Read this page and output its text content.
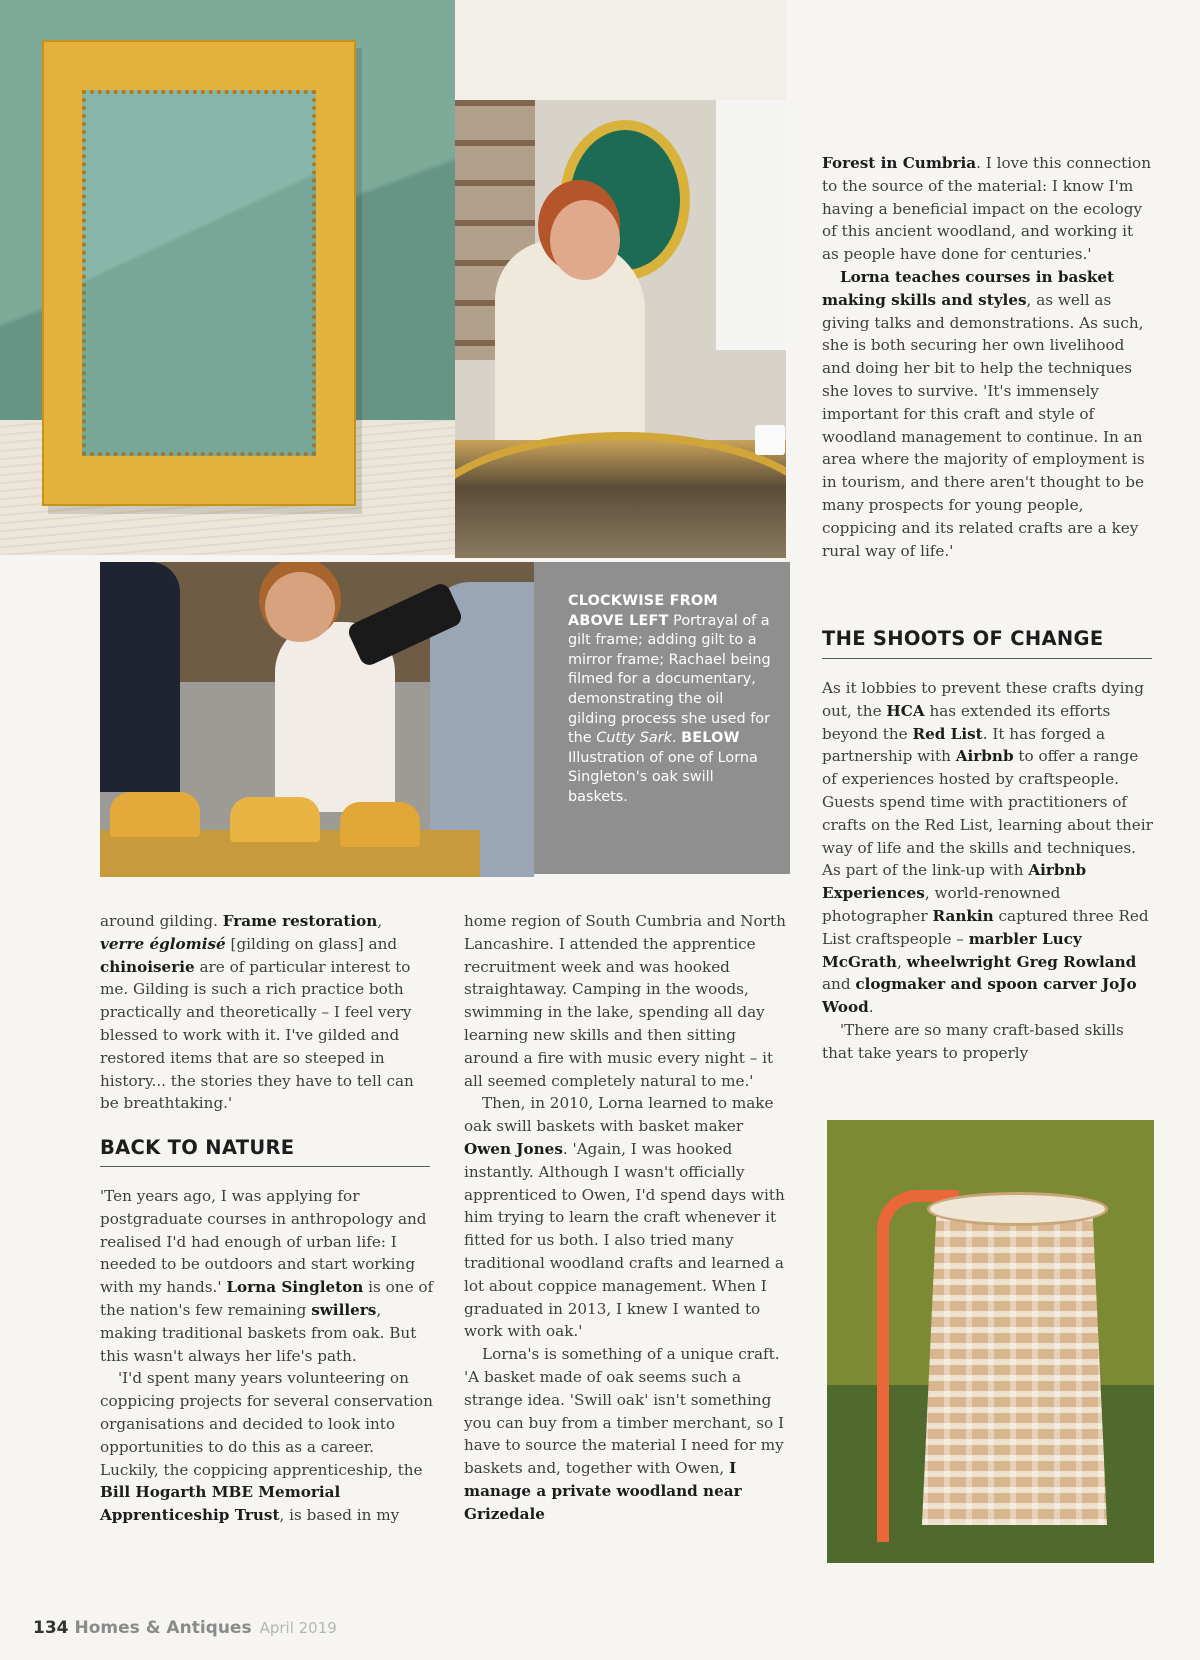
CLOCKWISE FROM ABOVE LEFT Portrayal of a gilt frame; adding gilt to a mirror frame; Rachael being filmed for a documentary, demonstrating the oil gilding process she used for the Cutty Sark. BELOW Illustration of one of Lorna Singleton's oak swill baskets.

around gilding. Frame restoration, verre églomisé [gilding on glass] and chinoiserie are of particular interest to me. Gilding is such a rich practice both practically and theoretically – I feel very blessed to work with it. I've gilded and restored items that are so steeped in history... the stories they have to tell can be breathtaking.'

BACK TO NATURE

'Ten years ago, I was applying for postgraduate courses in anthropology and realised I'd had enough of urban life: I needed to be outdoors and start working with my hands.' Lorna Singleton is one of the nation's few remaining swillers, making traditional baskets from oak. But this wasn't always her life's path.

'I'd spent many years volunteering on coppicing projects for several conservation organisations and decided to look into opportunities to do this as a career. Luckily, the coppicing apprenticeship, the Bill Hogarth MBE Memorial Apprenticeship Trust, is based in my

home region of South Cumbria and North Lancashire. I attended the apprentice recruitment week and was hooked straightaway. Camping in the woods, swimming in the lake, spending all day learning new skills and then sitting around a fire with music every night – it all seemed completely natural to me.'

Then, in 2010, Lorna learned to make oak swill baskets with basket maker Owen Jones. 'Again, I was hooked instantly. Although I wasn't officially apprenticed to Owen, I'd spend days with him trying to learn the craft whenever it fitted for us both. I also tried many traditional woodland crafts and learned a lot about coppice management. When I graduated in 2013, I knew I wanted to work with oak.'

Lorna's is something of a unique craft. 'A basket made of oak seems such a strange idea. 'Swill oak' isn't something you can buy from a timber merchant, so I have to source the material I need for my baskets and, together with Owen, I manage a private woodland near Grizedale

Forest in Cumbria. I love this connection to the source of the material: I know I'm having a beneficial impact on the ecology of this ancient woodland, and working it as people have done for centuries.'

Lorna teaches courses in basket making skills and styles, as well as giving talks and demonstrations. As such, she is both securing her own livelihood and doing her bit to help the techniques she loves to survive. 'It's immensely important for this craft and style of woodland management to continue. In an area where the majority of employment is in tourism, and there aren't thought to be many prospects for young people, coppicing and its related crafts are a key rural way of life.'

THE SHOOTS OF CHANGE

As it lobbies to prevent these crafts dying out, the HCA has extended its efforts beyond the Red List. It has forged a partnership with Airbnb to offer a range of experiences hosted by craftspeople. Guests spend time with practitioners of crafts on the Red List, learning about their way of life and the skills and techniques. As part of the link-up with Airbnb Experiences, world-renowned photographer Rankin captured three Red List craftspeople – marbler Lucy McGrath, wheelwright Greg Rowland and clogmaker and spoon carver JoJo Wood.

'There are so many craft-based skills that take years to properly

134 Homes & Antiques April 2019
